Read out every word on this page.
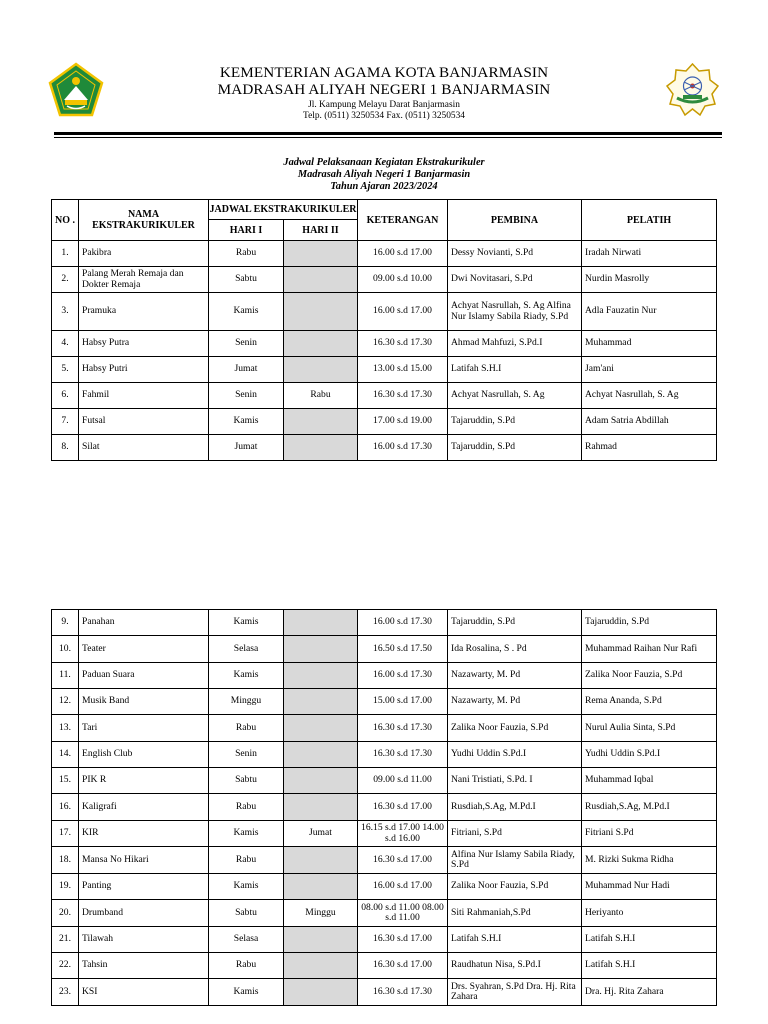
KEMENTERIAN AGAMA KOTA BANJARMASIN
MADRASAH ALIYAH NEGERI 1 BANJARMASIN
Jl. Kampung Melayu Darat Banjarmasin
Telp. (0511) 3250534 Fax. (0511) 3250534
Jadwal Pelaksanaan Kegiatan Ekstrakurikuler
Madrasah Aliyah Negeri 1 Banjarmasin
Tahun Ajaran 2023/2024
NO .	NAMA EKSTRAKURIKULER	JADWAL EKSTRAKURIKULER		KETERANGAN	PEMBINA	PELATIH
		HARI I	HARI II			
1.	Pakibra	Rabu		16.00 s.d 17.00	Dessy Novianti, S.Pd	Iradah Nirwati
2.	Palang Merah Remaja dan Dokter Remaja	Sabtu		09.00 s.d 10.00	Dwi Novitasari, S.Pd	Nurdin Masrolly
3.	Pramuka	Kamis		16.00 s.d 17.00	Achyat Nasrullah, S. Ag Alfina Nur Islamy Sabila Riady, S.Pd	Adla Fauzatin Nur
4.	Habsy Putra	Senin		16.30 s.d 17.30	Ahmad Mahfuzi, S.Pd.I	Muhammad
5.	Habsy Putri	Jumat		13.00 s.d 15.00	Latifah S.H.I	Jam'ani
6.	Fahmil	Senin	Rabu	16.30 s.d 17.30	Achyat Nasrullah, S. Ag	Achyat Nasrullah, S. Ag
7.	Futsal	Kamis		17.00 s.d 19.00	Tajaruddin, S.Pd	Adam Satria Abdillah
8.	Silat	Jumat		16.00 s.d 17.30	Tajaruddin, S.Pd	Rahmad
9.	Panahan	Kamis		16.00 s.d 17.30	Tajaruddin, S.Pd	Tajaruddin, S.Pd
10.	Teater	Selasa		16.50 s.d 17.50	Ida Rosalina, S . Pd	Muhammad Raihan Nur Rafi
11.	Paduan Suara	Kamis		16.00 s.d 17.30	Nazawarty, M. Pd	Zalika Noor Fauzia, S.Pd
12.	Musik Band	Minggu		15.00 s.d 17.00	Nazawarty, M. Pd	Rema Ananda, S.Pd
13.	Tari	Rabu		16.30 s.d 17.30	Zalika Noor Fauzia, S.Pd	Nurul Aulia Sinta, S.Pd
14.	English Club	Senin		16.30 s.d 17.30	Yudhi Uddin S.Pd.I	Yudhi Uddin S.Pd.I
15.	PIK R	Sabtu		09.00 s.d 11.00	Nani Tristiati, S.Pd. I	Muhammad Iqbal
16.	Kaligrafi	Rabu		16.30 s.d 17.00	Rusdiah,S.Ag, M.Pd.I	Rusdiah,S.Ag, M.Pd.I
17.	KIR	Kamis	Jumat	16.15 s.d 17.00 14.00 s.d 16.00	Fitriani, S.Pd	Fitriani S.Pd
18.	Mansa No Hikari	Rabu		16.30 s.d 17.00	Alfina Nur Islamy Sabila Riady, S.Pd	M. Rizki Sukma Ridha
19.	Panting	Kamis		16.00 s.d 17.00	Zalika Noor Fauzia, S.Pd	Muhammad Nur Hadi
20.	Drumband	Sabtu	Minggu	08.00 s.d 11.00 08.00 s.d 11.00	Siti Rahmaniah,S.Pd	Heriyanto
21.	Tilawah	Selasa		16.30 s.d 17.00	Latifah S.H.I	Latifah S.H.I
22.	Tahsin	Rabu		16.30 s.d 17.00	Raudhatun Nisa, S.Pd.I	Latifah S.H.I
23.	KSI	Kamis		16.30 s.d 17.30	Drs. Syahran, S.Pd Dra. Hj. Rita Zahara	Dra. Hj. Rita Zahara
